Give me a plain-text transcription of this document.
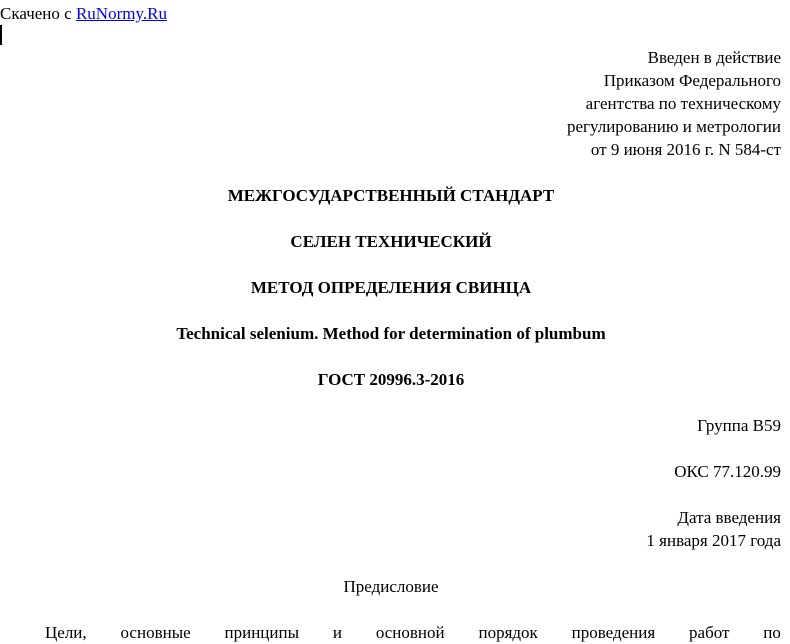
Скачено с RuNormy.Ru
Введен в действие
Приказом Федерального
агентства по техническому
регулированию и метрологии
от 9 июня 2016 г. N 584-ст
МЕЖГОСУДАРСТВЕННЫЙ СТАНДАРТ
СЕЛЕН ТЕХНИЧЕСКИЙ
МЕТОД ОПРЕДЕЛЕНИЯ СВИНЦА
Technical selenium. Method for determination of plumbum
ГОСТ 20996.3-2016
Группа В59
ОКС 77.120.99
Дата введения
1 января 2017 года
Предисловие
Цели, основные принципы и основной порядок проведения работ по
